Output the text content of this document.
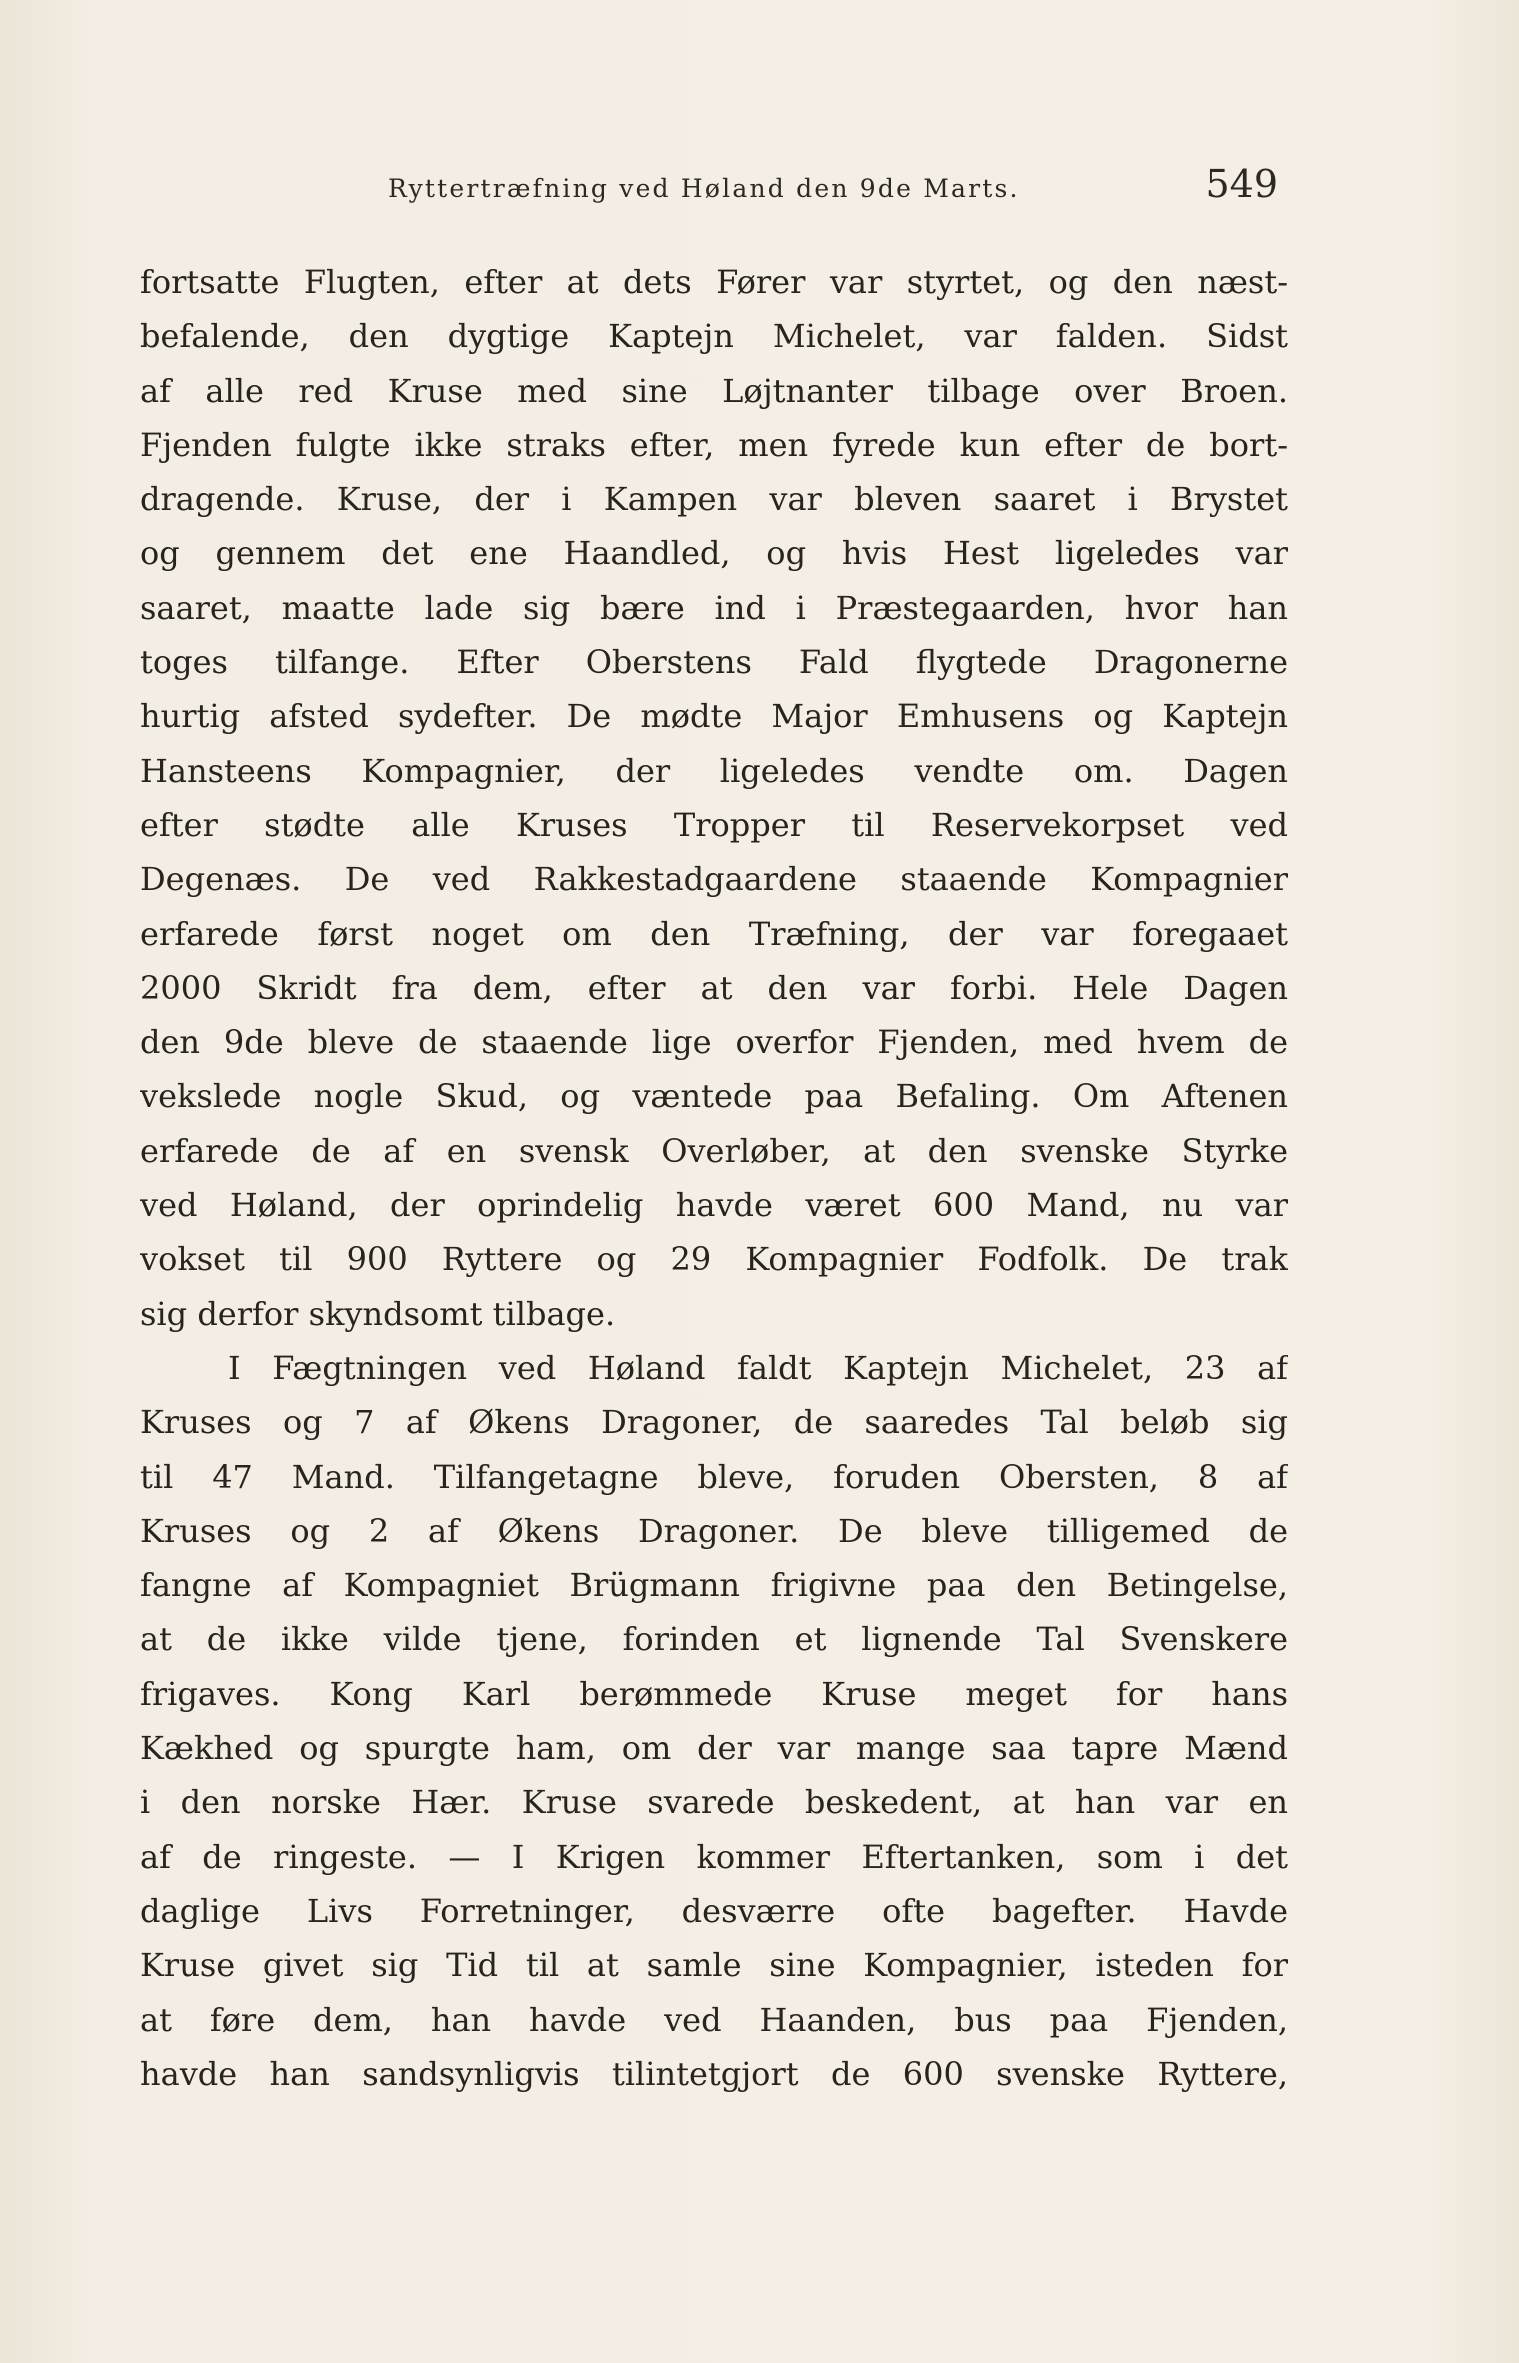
Ryttertræfning ved Høland den 9de Marts.	549
fortsatte Flugten, efter at dets Fører var styrtet, og den næst-
befalende, den dygtige Kaptejn Michelet, var falden. Sidst
af alle red Kruse med sine Løjtnanter tilbage over Broen.
Fjenden fulgte ikke straks efter, men fyrede kun efter de bort-
dragende. Kruse, der i Kampen var bleven saaret i Brystet
og gennem det ene Haandled, og hvis Hest ligeledes var
saaret, maatte lade sig bære ind i Præstegaarden, hvor han
toges tilfange. Efter Oberstens Fald flygtede Dragonerne
hurtig afsted sydefter. De mødte Major Emhusens og Kaptejn
Hansteens Kompagnier, der ligeledes vendte om. Dagen
efter stødte alle Kruses Tropper til Reservekorpset ved
Degenæs. De ved Rakkestadgaardene staaende Kompagnier
erfarede først noget om den Træfning, der var foregaaet
2000 Skridt fra dem, efter at den var forbi. Hele Dagen
den 9de bleve de staaende lige overfor Fjenden, med hvem de
vekslede nogle Skud, og væntede paa Befaling. Om Aftenen
erfarede de af en svensk Overløber, at den svenske Styrke
ved Høland, der oprindelig havde været 600 Mand, nu var
vokset til 900 Ryttere og 29 Kompagnier Fodfolk. De trak
sig derfor skyndsomt tilbage.
I Fægtningen ved Høland faldt Kaptejn Michelet, 23 af
Kruses og 7 af Økens Dragoner, de saaredes Tal beløb sig
til 47 Mand. Tilfangetagne bleve, foruden Obersten, 8 af
Kruses og 2 af Økens Dragoner. De bleve tilligemed de
fangne af Kompagniet Brügmann frigivne paa den Betingelse,
at de ikke vilde tjene, forinden et lignende Tal Svenskere
frigaves. Kong Karl berømmede Kruse meget for hans
Kækhed og spurgte ham, om der var mange saa tapre Mænd
i den norske Hær. Kruse svarede beskedent, at han var en
af de ringeste. — I Krigen kommer Eftertanken, som i det
daglige Livs Forretninger, desværre ofte bagefter. Havde
Kruse givet sig Tid til at samle sine Kompagnier, isteden for
at føre dem, han havde ved Haanden, bus paa Fjenden,
havde han sandsynligvis tilintetgjort de 600 svenske Ryttere,
